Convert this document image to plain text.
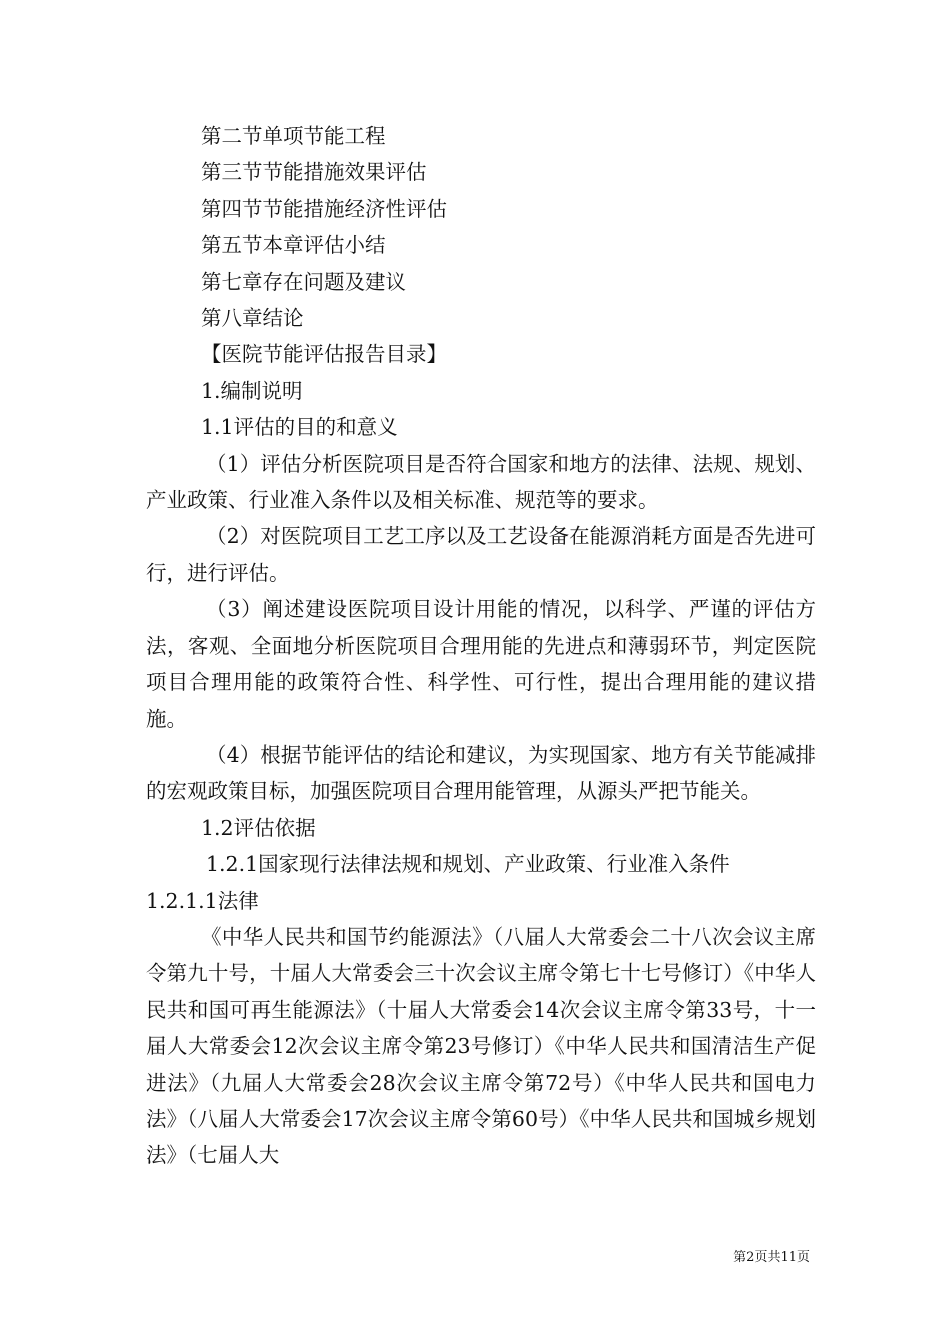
第二节单项节能工程

第三节节能措施效果评估

第四节节能措施经济性评估

第五节本章评估小结

第七章存在问题及建议

第八章结论

【医院节能评估报告目录】

1.编制说明

1.1评估的目的和意义

（1）评估分析医院项目是否符合国家和地方的法律、法规、规划、产业政策、行业准入条件以及相关标准、规范等的要求。

（2）对医院项目工艺工序以及工艺设备在能源消耗方面是否先进可行，进行评估。

（3）阐述建设医院项目设计用能的情况，以科学、严谨的评估方法，客观、全面地分析医院项目合理用能的先进点和薄弱环节，判定医院项目合理用能的政策符合性、科学性、可行性，提出合理用能的建议措施。

（4）根据节能评估的结论和建议，为实现国家、地方有关节能减排的宏观政策目标，加强医院项目合理用能管理，从源头严把节能关。

1.2评估依据

1.2.1国家现行法律法规和规划、产业政策、行业准入条件

1.2.1.1法律

《中华人民共和国节约能源法》（八届人大常委会二十八次会议主席令第九十号，十届人大常委会三十次会议主席令第七十七号修订）《中华人民共和国可再生能源法》（十届人大常委会14次会议主席令第33号，十一届人大常委会12次会议主席令第23号修订）《中华人民共和国清洁生产促进法》（九届人大常委会28次会议主席令第72号）《中华人民共和国电力法》（八届人大常委会17次会议主席令第60号）《中华人民共和国城乡规划法》（七届人大

第2页共11页
